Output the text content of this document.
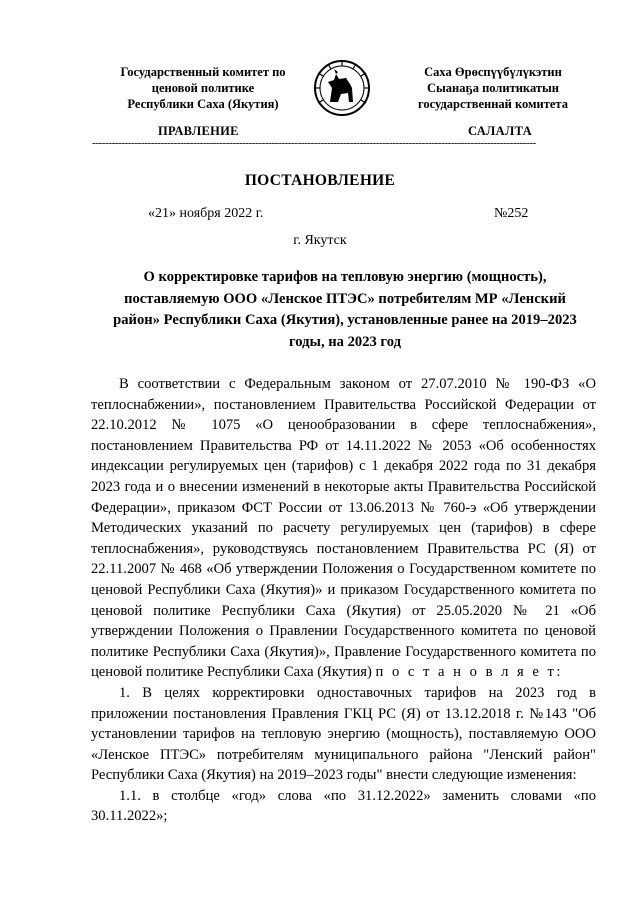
Государственный комитет по
ценовой политике
Республики Саха (Якутия)
Саха Өрөспүүбүлүкэтин
Сыанаҕа политикатын
государственнай комитета
ПРАВЛЕНИЕ	САЛАЛТА
----------------------------------------------------------------------------------------------------------------------------------------
ПОСТАНОВЛЕНИЕ
«21» ноября 2022 г.	№252
г. Якутск
О корректировке тарифов на тепловую энергию (мощность), поставляемую ООО «Ленское ПТЭС» потребителям МР «Ленский район» Республики Саха (Якутия), установленные ранее на 2019–2023 годы, на 2023 год

В соответствии с Федеральным законом от 27.07.2010 № 190-ФЗ «О теплоснабжении», постановлением Правительства Российской Федерации от 22.10.2012 № 1075 «О ценообразовании в сфере теплоснабжения», постановлением Правительства РФ от 14.11.2022 № 2053 «Об особенностях индексации регулируемых цен (тарифов) с 1 декабря 2022 года по 31 декабря 2023 года и о внесении изменений в некоторые акты Правительства Российской Федерации», приказом ФСТ России от 13.06.2013 № 760-э «Об утверждении Методических указаний по расчету регулируемых цен (тарифов) в сфере теплоснабжения», руководствуясь постановлением Правительства РС (Я) от 22.11.2007 № 468 «Об утверждении Положения о Государственном комитете по ценовой Республики Саха (Якутия)» и приказом Государственного комитета по ценовой политике Республики Саха (Якутия) от 25.05.2020 № 21 «Об утверждении Положения о Правлении Государственного комитета по ценовой политике Республики Саха (Якутия)», Правление Государственного комитета по ценовой политике Республики Саха (Якутия) п о с т а н о в л я е т:

1. В целях корректировки одноставочных тарифов на 2023 год в приложении постановления Правления ГКЦ РС (Я) от 13.12.2018 г. №143 "Об установлении тарифов на тепловую энергию (мощность), поставляемую ООО «Ленское ПТЭС» потребителям муниципального района "Ленский район" Республики Саха (Якутия) на 2019–2023 годы" внести следующие изменения:

1.1. в столбце «год» слова «по 31.12.2022» заменить словами «по 30.11.2022»;
